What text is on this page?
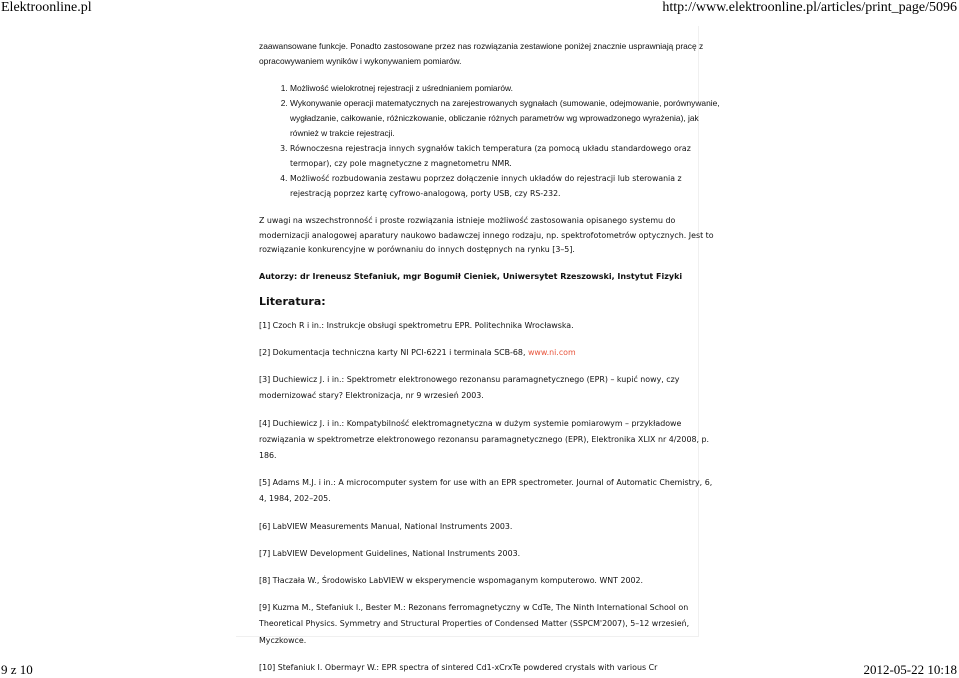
Elektroonline.pl	http://www.elektroonline.pl/articles/print_page/5096

zaawansowane funkcje. Ponadto zastosowane przez nas rozwiązania zestawione poniżej znacznie usprawniają pracę z opracowywaniem wyników i wykonywaniem pomiarów.

1. Możliwość wielokrotnej rejestracji z uśrednianiem pomiarów.
2. Wykonywanie operacji matematycznych na zarejestrowanych sygnałach (sumowanie, odejmowanie, porównywanie, wygładzanie, całkowanie, różniczkowanie, obliczanie różnych parametrów wg wprowadzonego wyrażenia), jak również w trakcie rejestracji.
3. Równoczesna rejestracja innych sygnałów takich temperatura (za pomocą układu standardowego oraz termopar), czy pole magnetyczne z magnetometru NMR.
4. Możliwość rozbudowania zestawu poprzez dołączenie innych układów do rejestracji lub sterowania z rejestracją poprzez kartę cyfrowo-analogową, porty USB, czy RS-232.

Z uwagi na wszechstronność i proste rozwiązania istnieje możliwość zastosowania opisanego systemu do modernizacji analogowej aparatury naukowo badawczej innego rodzaju, np. spektrofotometrów optycznych. Jest to rozwiązanie konkurencyjne w porównaniu do innych dostępnych na rynku [3–5].

Autorzy: dr Ireneusz Stefaniuk, mgr Bogumił Cieniek, Uniwersytet Rzeszowski, Instytut Fizyki

Literatura:

[1] Czoch R i in.: Instrukcje obsługi spektrometru EPR. Politechnika Wrocławska.

[2] Dokumentacja techniczna karty NI PCI-6221 i terminala SCB-68, www.ni.com

[3] Duchiewicz J. i in.: Spektrometr elektronowego rezonansu paramagnetycznego (EPR) – kupić nowy, czy modernizować stary? Elektronizacja, nr 9 wrzesień 2003.

[4] Duchiewicz J. i in.: Kompatybilność elektromagnetyczna w dużym systemie pomiarowym – przykładowe rozwiązania w spektrometrze elektronowego rezonansu paramagnetycznego (EPR), Elektronika XLIX nr 4/2008, p. 186.

[5] Adams M.J. i in.: A microcomputer system for use with an EPR spectrometer. Journal of Automatic Chemistry, 6, 4, 1984, 202–205.

[6] LabVIEW Measurements Manual, National Instruments 2003.

[7] LabVIEW Development Guidelines, National Instruments 2003.

[8] Tłaczała W., Środowisko LabVIEW w eksperymencie wspomaganym komputerowo. WNT 2002.

[9] Kuzma M., Stefaniuk I., Bester M.: Rezonans ferromagnetyczny w CdTe, The Ninth International School on Theoretical Physics. Symmetry and Structural Properties of Condensed Matter (SSPCM'2007), 5–12 wrzesień, Myczkowce.

[10] Stefaniuk I. Obermayr W.: EPR spectra of sintered Cd1-xCrxTe powdered crystals with various Cr

9 z 10	2012-05-22 10:18
